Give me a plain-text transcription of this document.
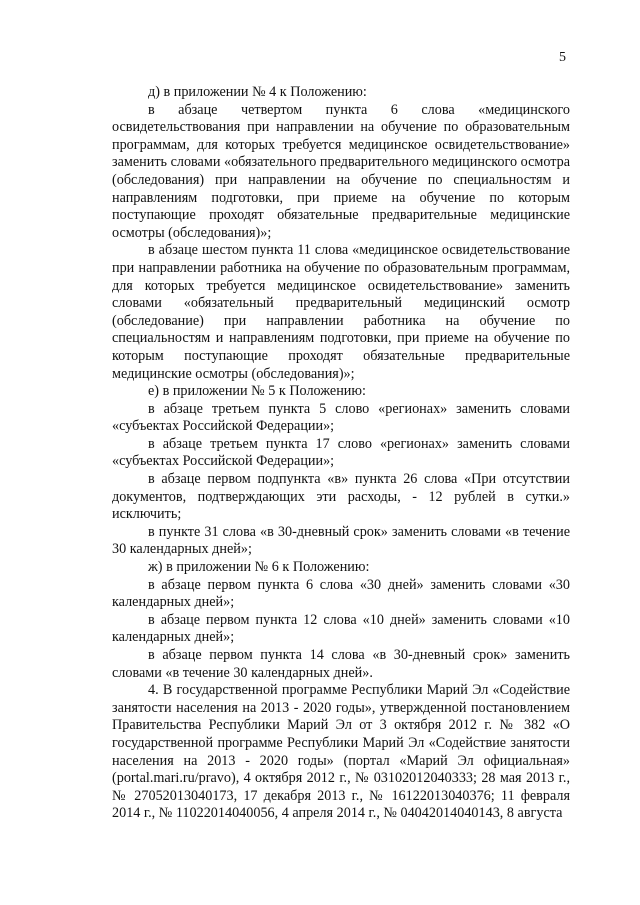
5

д) в приложении № 4 к Положению:

в абзаце четвертом пункта 6 слова «медицинского освидетельствования при направлении на обучение по образовательным программам, для которых требуется медицинское освидетельствование» заменить словами «обязательного предварительного медицинского осмотра (обследования) при направлении на обучение по специальностям и направлениям подготовки, при приеме на обучение по которым поступающие проходят обязательные предварительные медицинские осмотры (обследования)»;

в абзаце шестом пункта 11 слова «медицинское освидетельствование при направлении работника на обучение по образовательным программам, для которых требуется медицинское освидетельствование» заменить словами «обязательный предварительный медицинский осмотр (обследование) при направлении работника на обучение по специальностям и направлениям подготовки, при приеме на обучение по которым поступающие проходят обязательные предварительные медицинские осмотры (обследования)»;

е) в приложении № 5 к Положению:

в абзаце третьем пункта 5 слово «регионах» заменить словами «субъектах Российской Федерации»;

в абзаце третьем пункта 17 слово «регионах» заменить словами «субъектах Российской Федерации»;

в абзаце первом подпункта «в» пункта 26 слова «При отсутствии документов, подтверждающих эти расходы, - 12 рублей в сутки.» исключить;

в пункте 31 слова «в 30-дневный срок» заменить словами «в течение 30 календарных дней»;

ж) в приложении № 6 к Положению:

в абзаце первом пункта 6 слова «30 дней» заменить словами «30 календарных дней»;

в абзаце первом пункта 12 слова «10 дней» заменить словами «10 календарных дней»;

в абзаце первом пункта 14 слова «в 30-дневный срок» заменить словами «в течение 30 календарных дней».

4. В государственной программе Республики Марий Эл «Содействие занятости населения на 2013 - 2020 годы», утвержденной постановлением Правительства Республики Марий Эл от 3 октября 2012 г. № 382 «О государственной программе Республики Марий Эл «Содействие занятости населения на 2013 - 2020 годы» (портал «Марий Эл официальная» (portal.mari.ru/pravo), 4 октября 2012 г., № 03102012040333; 28 мая 2013 г., № 27052013040173, 17 декабря 2013 г., № 16122013040376; 11 февраля 2014 г., № 11022014040056, 4 апреля 2014 г., № 04042014040143, 8 августа
